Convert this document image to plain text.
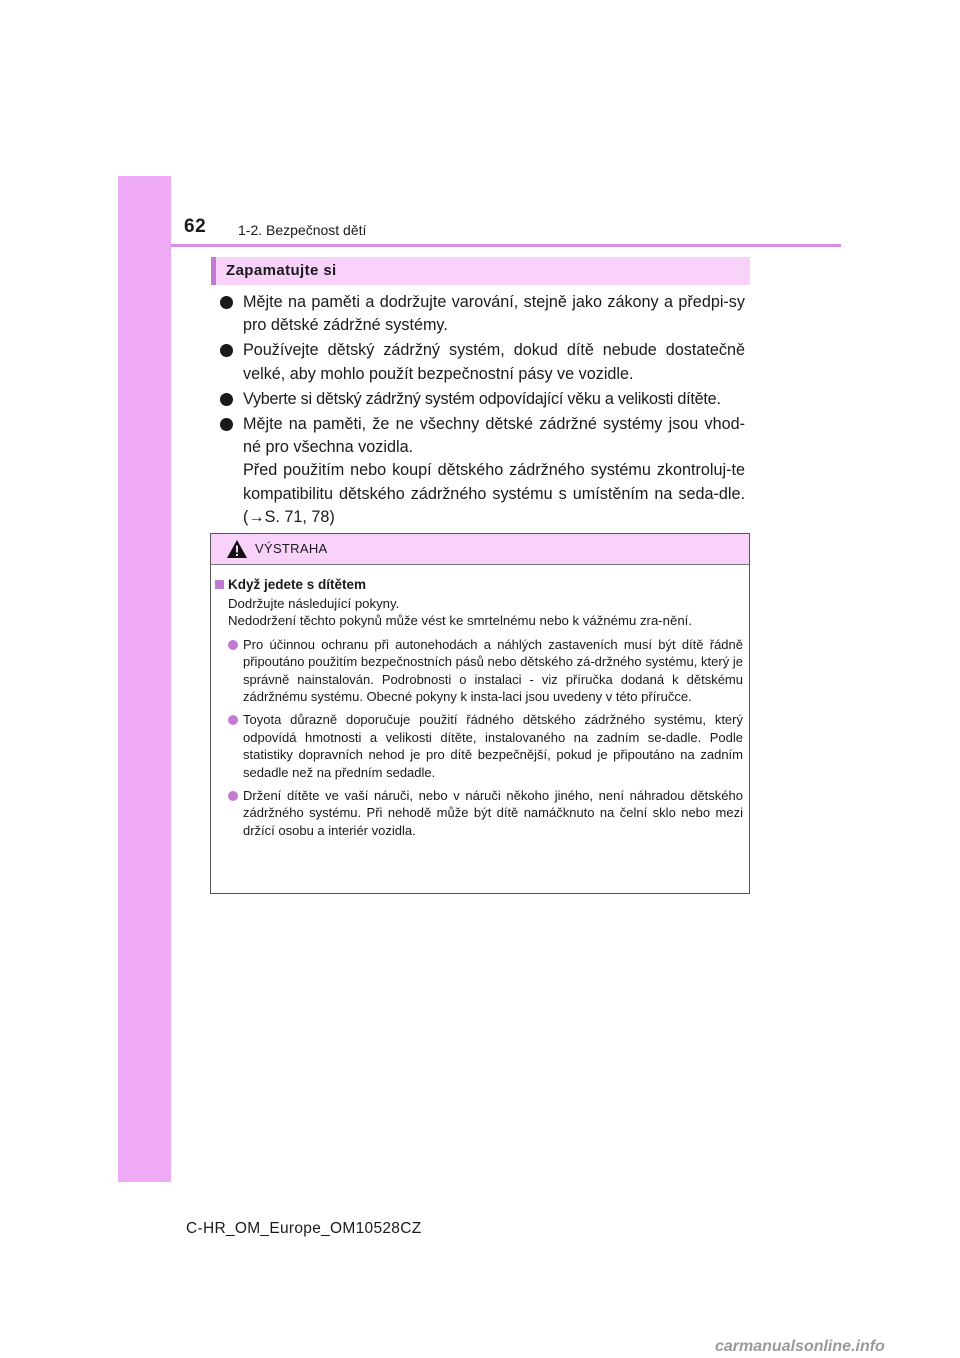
62 1-2. Bezpečnost dětí
Zapamatujte si

Mějte na paměti a dodržujte varování, stejně jako zákony a předpi-sy pro dětské zádržné systémy.

Používejte dětský zádržný systém, dokud dítě nebude dostatečně velké, aby mohlo použít bezpečnostní pásy ve vozidle.

Vyberte si dětský zádržný systém odpovídající věku a velikosti dítěte.

Mějte na paměti, že ne všechny dětské zádržné systémy jsou vhod-né pro všechna vozidla.

Před použitím nebo koupí dětského zádržného systému zkontroluj-te kompatibilitu dětského zádržného systému s umístěním na seda-dle. (→S. 71, 78)

VÝSTRAHA
Když jedete s dítětem

Dodržujte následující pokyny.

Nedodržení těchto pokynů může vést ke smrtelnému nebo k vážnému zra-nění.

Pro účinnou ochranu při autonehodách a náhlých zastaveních musí být dítě řádně připoutáno použitím bezpečnostních pásů nebo dětského zá-držného systému, který je správně nainstalován. Podrobnosti o instalaci - viz příručka dodaná k dětskému zádržnému systému. Obecné pokyny k insta-laci jsou uvedeny v této příručce.
Toyota důrazně doporučuje použití řádného dětského zádržného systému, který odpovídá hmotnosti a velikosti dítěte, instalovaného na zadním se-dadle. Podle statistiky dopravních nehod je pro dítě bezpečnější, pokud je připoutáno na zadním sedadle než na předním sedadle.
Držení dítěte ve vaší náruči, nebo v náruči někoho jiného, není náhradou dětského zádržného systému. Při nehodě může být dítě namáčknuto na čelní sklo nebo mezi držící osobu a interiér vozidla.
C-HR_OM_Europe_OM10528CZ
carmanualsonline.info
